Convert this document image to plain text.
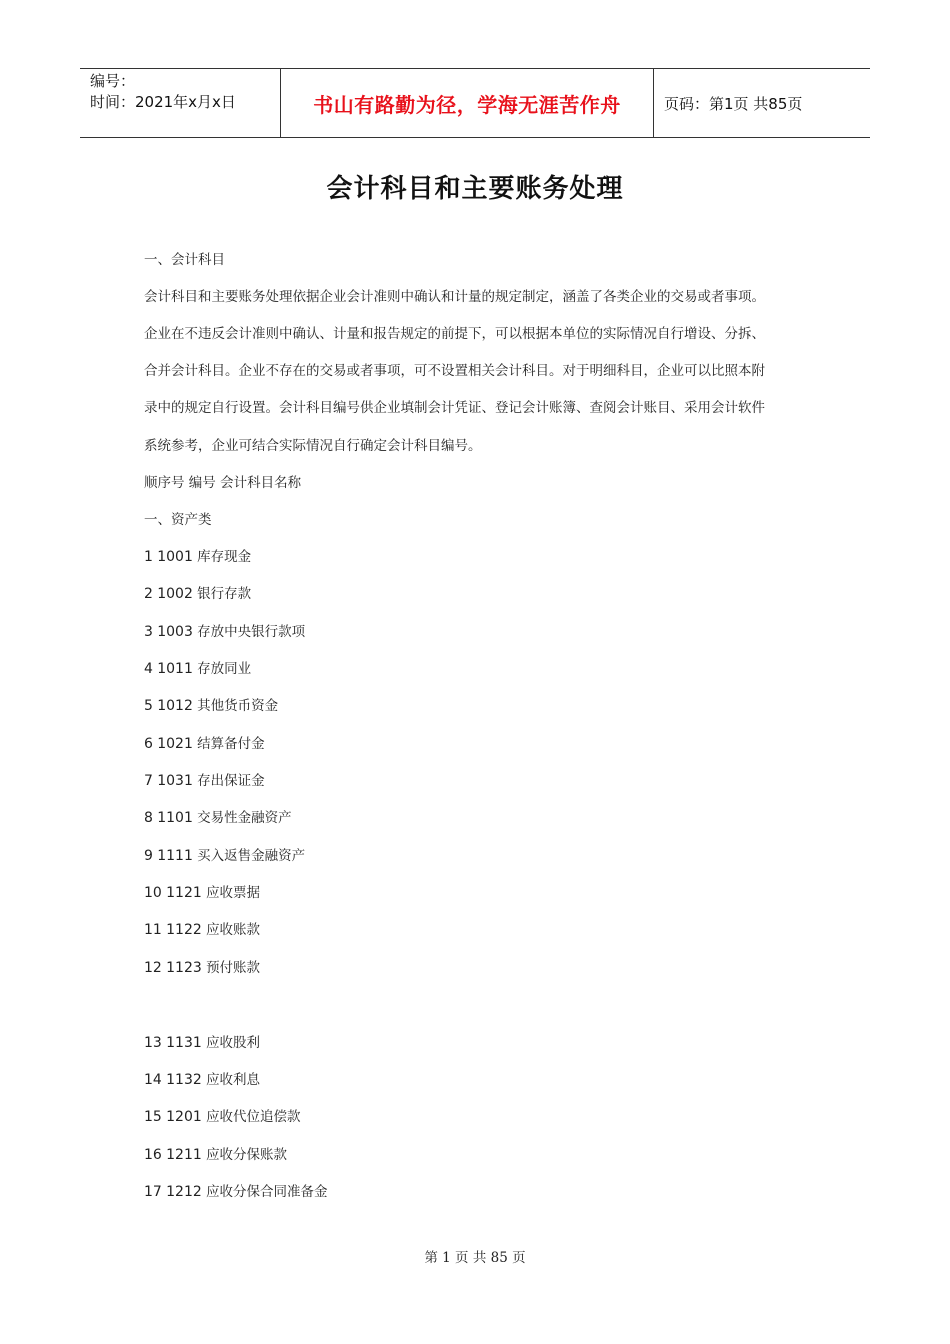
编号：
时间：2021年x月x日	书山有路勤为径，学海无涯苦作舟	页码：第1页 共85页
会计科目和主要账务处理
一、会计科目
会计科目和主要账务处理依据企业会计准则中确认和计量的规定制定，涵盖了各类企业的交易或者事项。
企业在不违反会计准则中确认、计量和报告规定的前提下，可以根据本单位的实际情况自行增设、分拆、
合并会计科目。企业不存在的交易或者事项，可不设置相关会计科目。对于明细科目，企业可以比照本附
录中的规定自行设置。会计科目编号供企业填制会计凭证、登记会计账簿、查阅会计账目、采用会计软件
系统参考，企业可结合实际情况自行确定会计科目编号。
顺序号 编号 会计科目名称
一、资产类
1 1001 库存现金
2 1002 银行存款
3 1003 存放中央银行款项
4 1011 存放同业
5 1012 其他货币资金
6 1021 结算备付金
7 1031 存出保证金
8 1101 交易性金融资产
9 1111 买入返售金融资产
10 1121 应收票据
11 1122 应收账款
12 1123 预付账款
13 1131 应收股利
14 1132 应收利息
15 1201 应收代位追偿款
16 1211 应收分保账款
17 1212 应收分保合同准备金
第 1 页 共 85 页
